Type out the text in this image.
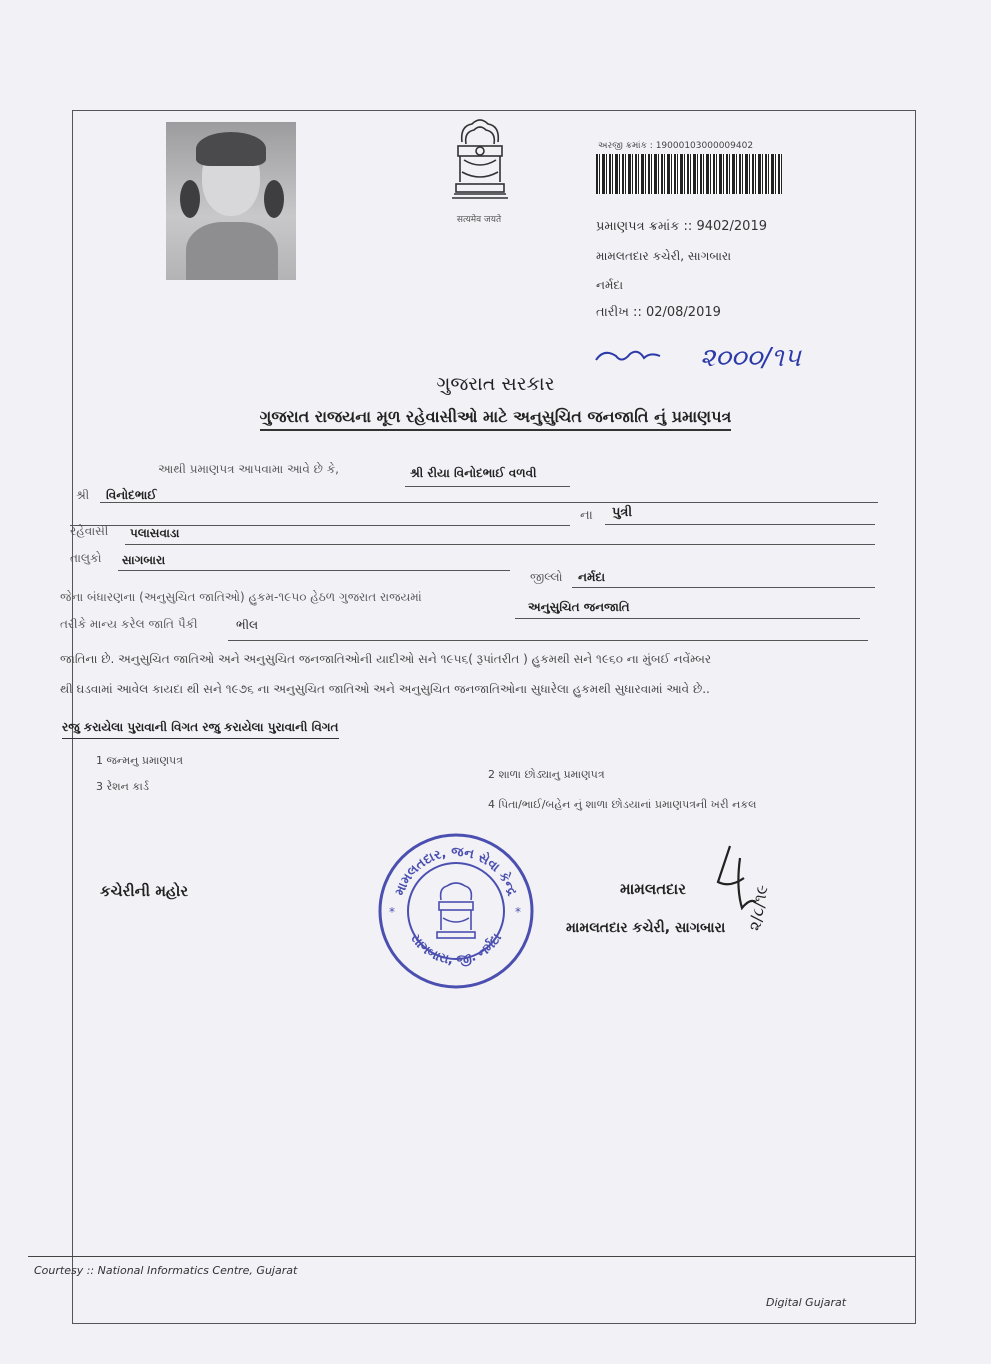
सत्यमेव जयते
અરજી ક્રમાંક : 19000103000009402
પ્રમાણપત્ર ક્રમાંક :: 9402/2019
મામલતદાર કચેરી, સાગબારા
નર્મદા
તારીખ :: 02/08/2019
૨૦૦૦/૧૫
ગુજરાત સરકાર
ગુજરાત રાજયના મૂળ રહેવાસીઓ માટે અનુસુચિત જનજાતિ નું પ્રમાણપત્ર
આથી પ્રમાણપત્ર આપવામા આવે છે કે,	શ્રી રીયા વિનોદભાઈ વળવી
શ્રી વિનોદભાઈ
ના પુત્રી
રહેવાસી પલાસવાડા
તાલુકો સાગબારા
જીલ્લો નર્મદા
જેના બંધારણના (અનુસુચિત જાતિઓ) હુકમ-૧૯૫૦ હેઠળ ગુજરાત રાજયમાં
અનુસુચિત જનજાતિ
તરીકે માન્ય કરેલ જાતિ પૈકી	ભીલ
જાતિના છે. અનુસુચિત જાતિઓ અને અનુસુચિત જનજાતિઓની યાદીઓ સને ૧૯૫૬( રૂપાંતરીત ) હુકમથી સને ૧૯૬૦ ના મુંબઈ નવેંમ્બર
થી ઘડવામાં આવેલ કાયદા થી સને ૧૯૭૬ ના અનુસુચિત જાતિઓ અને અનુસુચિત જનજાતિઓના સુધારેલા હુકમથી સુધારવામાં આવે છે..
રજુ કરાયેલા પુરાવાની વિગત રજુ કરાયેલા પુરાવાની વિગત
1 જન્મનુ પ્રમાણપત્ર
2 શાળા છોડ્યાનુ પ્રમાણપત્ર
3 રેશન કાર્ડ
4 પિતા/ભાઈ/બહેન નું શાળા છોડયાનાં પ્રમાણપત્રની ખરી નકલ
કચેરીની મહોર	મામલતદાર, જન સેવા કેન્દ્ર
સાગબારા, જી. નર્મદા
*	*
મામલતદાર
મામલતદાર કચેરી, સાગબારા ૨/૮/૧૯
Courtesy :: National Informatics Centre, Gujarat
Digital Gujarat
